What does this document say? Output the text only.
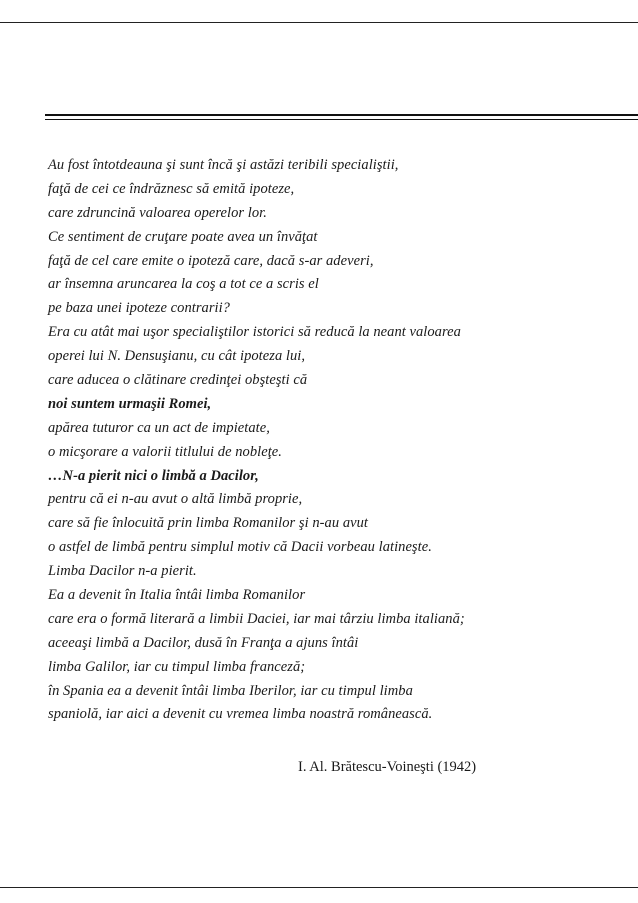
Au fost întotdeauna şi sunt încă şi astăzi teribili specialiştii,
faţă de cei ce îndrăznesc să emită ipoteze,
care zdruncină valoarea operelor lor.
Ce sentiment de cruţare poate avea un învăţat
faţă de cel care emite o ipoteză care, dacă s-ar adeveri,
ar însemna aruncarea la coş a tot ce a scris el
pe baza unei ipoteze contrarii?
Era cu atât mai uşor specialiştilor istorici să reducă la neant valoarea
operei lui N. Densuşianu, cu cât ipoteza lui,
care aducea o clătinare credinţei obşteşti că
noi suntem urmaşii Romei,
apărea tuturor ca un act de impietate,
o micşorare a valorii titlului de nobleţe.
…N-a pierit nici o limbă a Dacilor,
pentru că ei n-au avut o altă limbă proprie,
care să fie înlocuită prin limba Romanilor şi n-au avut
o astfel de limbă pentru simplul motiv că Dacii vorbeau latineşte.
Limba Dacilor n-a pierit.
Ea a devenit în Italia întâi limba Romanilor
care era o formă literară a limbii Daciei, iar mai târziu limba italiană;
aceeaşi limbă a Dacilor, dusă în Franţa a ajuns întâi
limba Galilor, iar cu timpul limba franceză;
în Spania ea a devenit întâi limba Iberilor, iar cu timpul limba
spaniolă, iar aici a devenit cu vremea limba noastră românească.
I. Al. Brătescu-Voineşti (1942)
